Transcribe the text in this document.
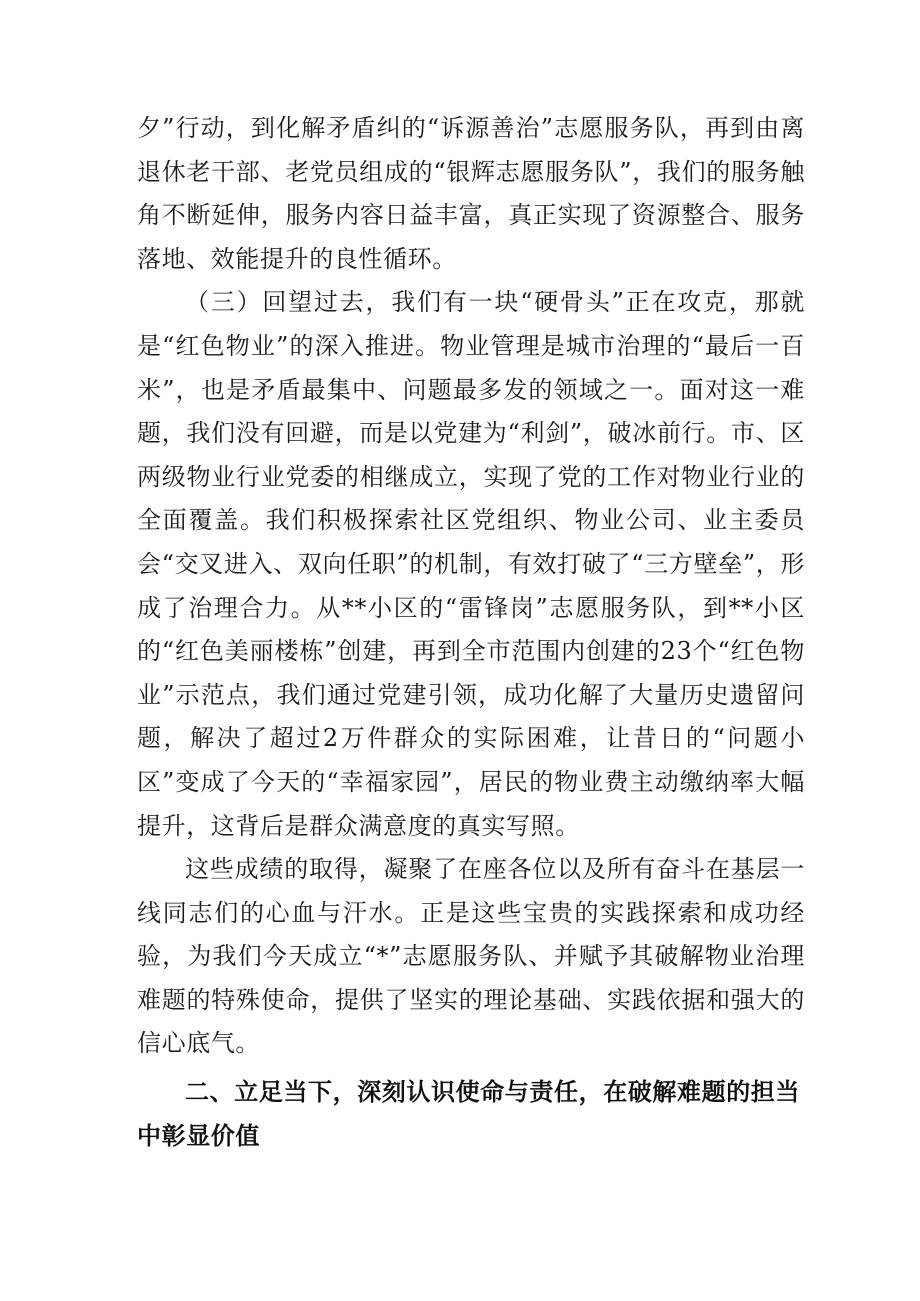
夕”行动，到化解矛盾纠的“诉源善治”志愿服务队，再到由离退休老干部、老党员组成的“银辉志愿服务队”，我们的服务触角不断延伸，服务内容日益丰富，真正实现了资源整合、服务落地、效能提升的良性循环。

（三）回望过去，我们有一块“硬骨头”正在攻克，那就是“红色物业”的深入推进。物业管理是城市治理的“最后一百米”，也是矛盾最集中、问题最多发的领域之一。面对这一难题，我们没有回避，而是以党建为“利剑”，破冰前行。市、区两级物业行业党委的相继成立，实现了党的工作对物业行业的全面覆盖。我们积极探索社区党组织、物业公司、业主委员会“交叉进入、双向任职”的机制，有效打破了“三方壁垒”，形成了治理合力。从**小区的“雷锋岗”志愿服务队，到**小区的“红色美丽楼栋”创建，再到全市范围内创建的23个“红色物业”示范点，我们通过党建引领，成功化解了大量历史遗留问题，解决了超过2万件群众的实际困难，让昔日的“问题小区”变成了今天的“幸福家园”，居民的物业费主动缴纳率大幅提升，这背后是群众满意度的真实写照。

这些成绩的取得，凝聚了在座各位以及所有奋斗在基层一线同志们的心血与汗水。正是这些宝贵的实践探索和成功经验，为我们今天成立“*”志愿服务队、并赋予其破解物业治理难题的特殊使命，提供了坚实的理论基础、实践依据和强大的信心底气。

二、立足当下，深刻认识使命与责任，在破解难题的担当中彰显价值
